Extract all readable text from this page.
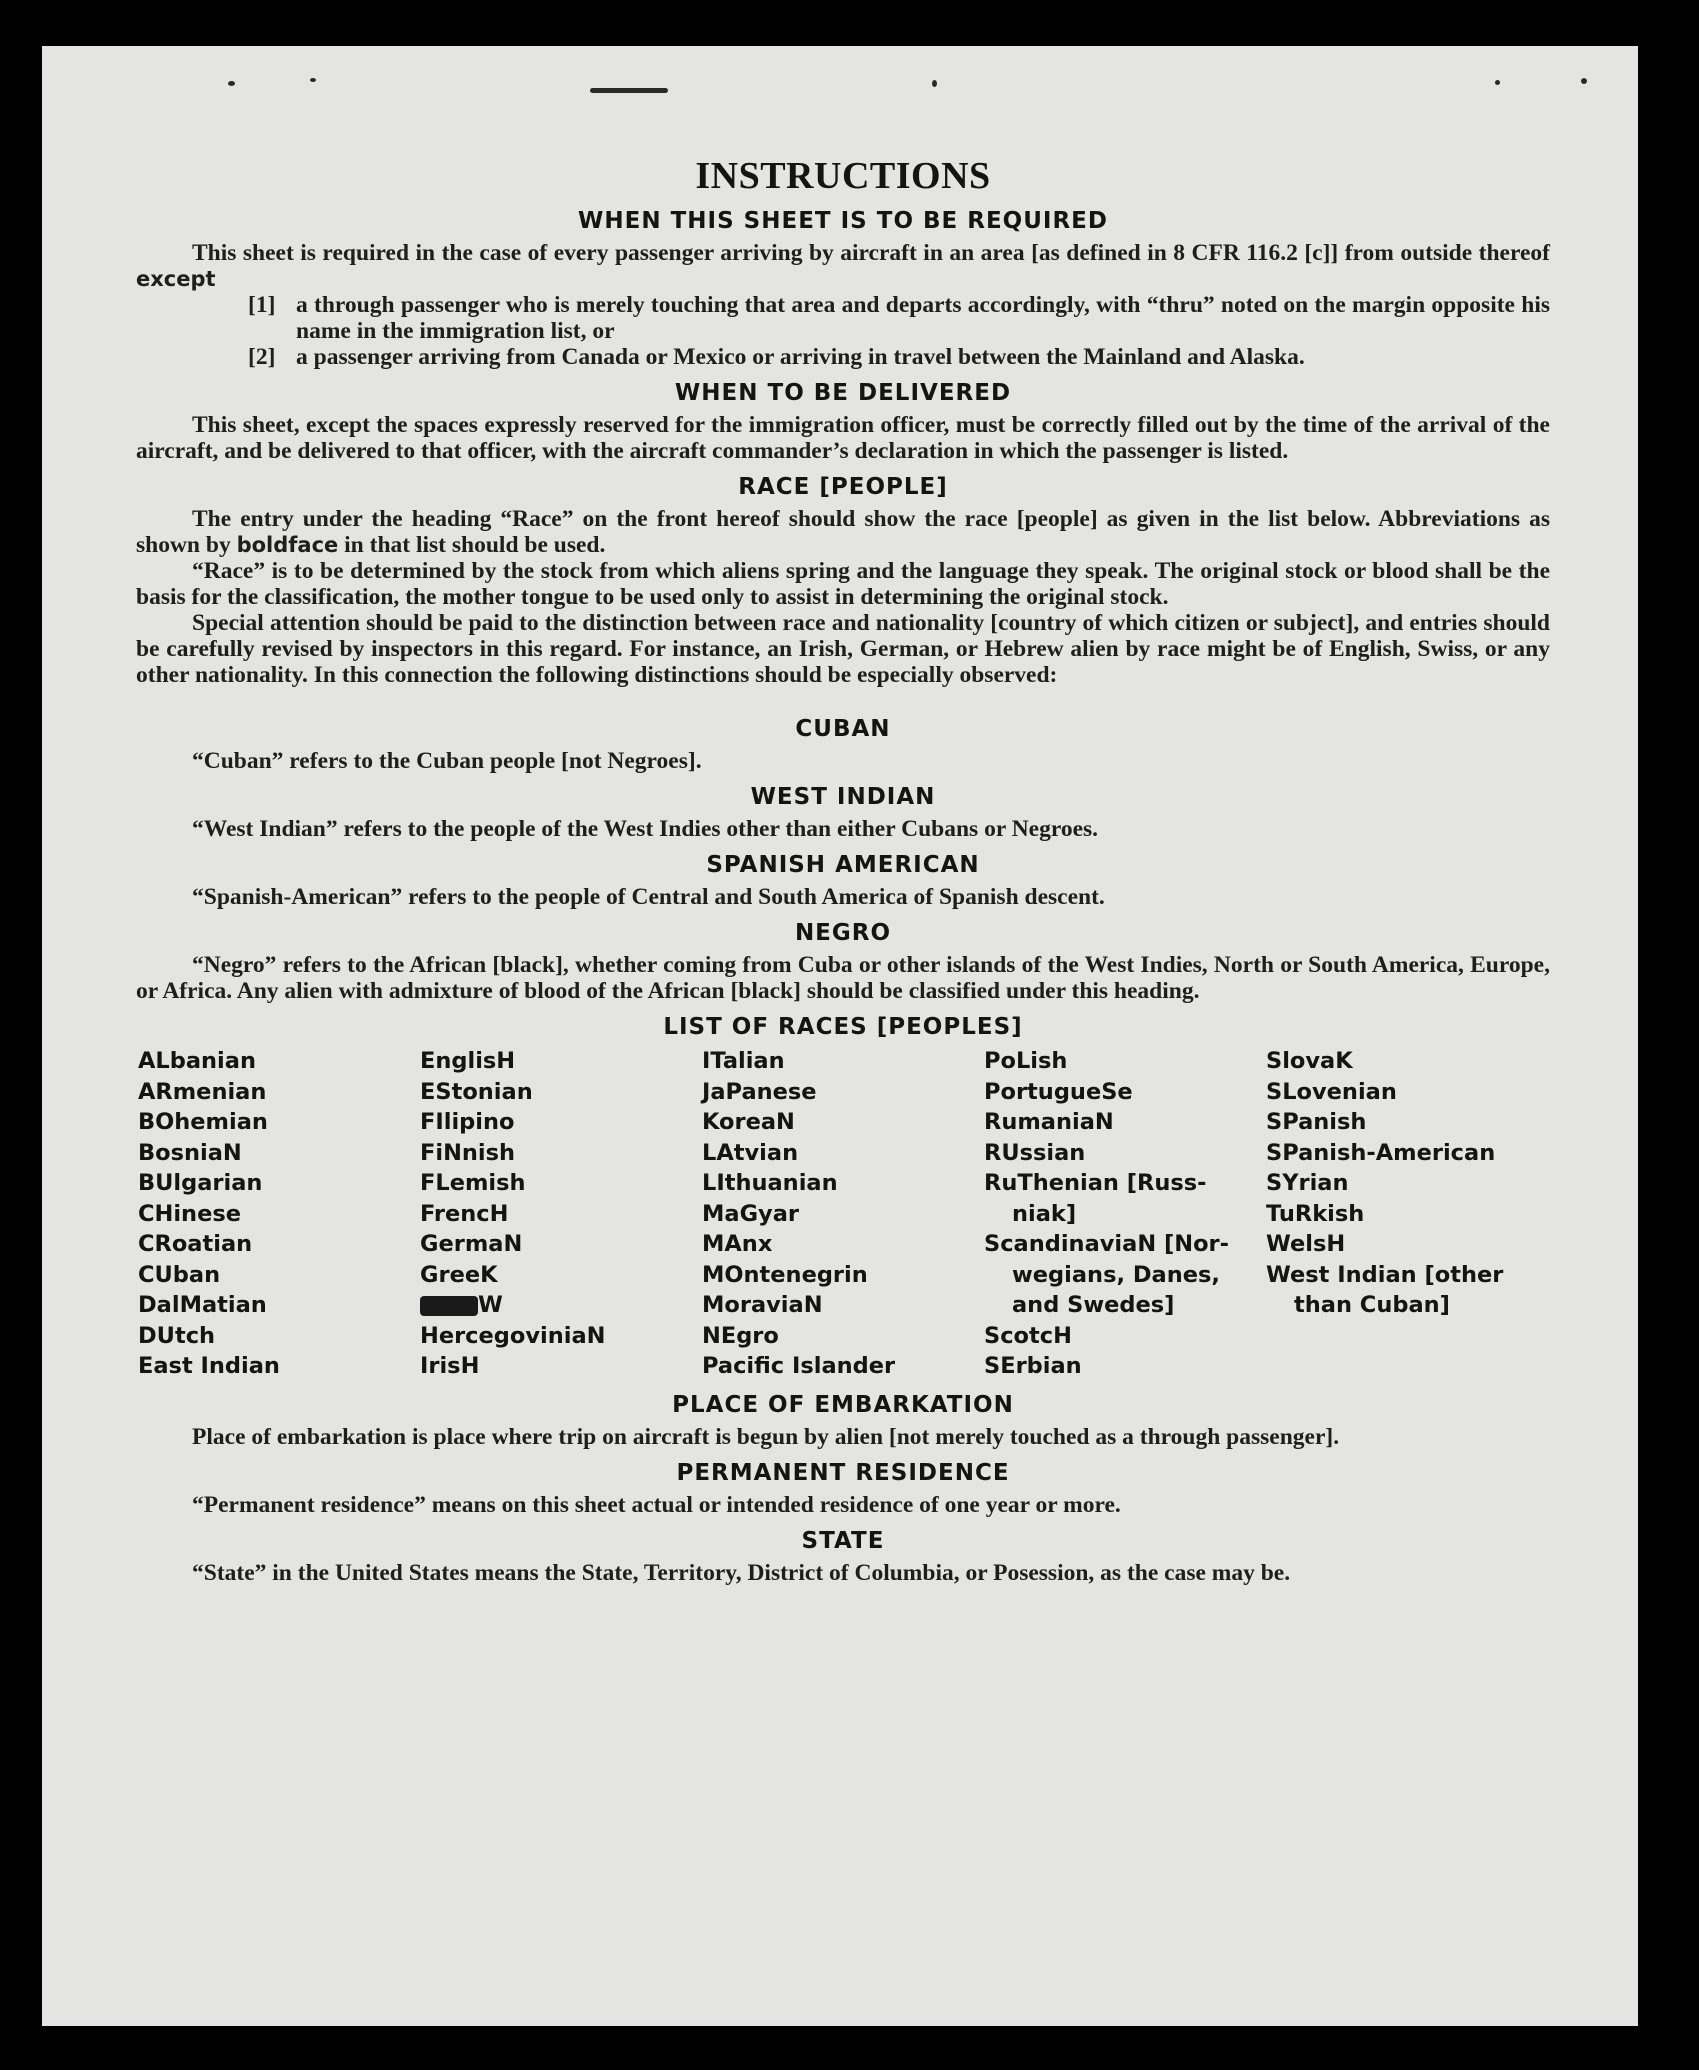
INSTRUCTIONS
WHEN THIS SHEET IS TO BE REQUIRED

This sheet is required in the case of every passenger arriving by aircraft in an area [as defined in 8 CFR 116.2 [c]] from outside thereof except

[1] a through passenger who is merely touching that area and departs accordingly, with “thru” noted on the margin opposite his name in the immigration list, or
[2] a passenger arriving from Canada or Mexico or arriving in travel between the Mainland and Alaska.
WHEN TO BE DELIVERED

This sheet, except the spaces expressly reserved for the immigration officer, must be correctly filled out by the time of the arrival of the aircraft, and be delivered to that officer, with the aircraft commander’s declaration in which the passenger is listed.

RACE [PEOPLE]

The entry under the heading “Race” on the front hereof should show the race [people] as given in the list below. Abbreviations as shown by boldface in that list should be used.

“Race” is to be determined by the stock from which aliens spring and the language they speak. The original stock or blood shall be the basis for the classification, the mother tongue to be used only to assist in determining the original stock.

Special attention should be paid to the distinction between race and nationality [country of which citizen or subject], and entries should be carefully revised by inspectors in this regard. For instance, an Irish, German, or Hebrew alien by race might be of English, Swiss, or any other nationality. In this connection the following distinctions should be especially observed:

CUBAN

“Cuban” refers to the Cuban people [not Negroes].

WEST INDIAN

“West Indian” refers to the people of the West Indies other than either Cubans or Negroes.

SPANISH AMERICAN

“Spanish-American” refers to the people of Central and South America of Spanish descent.

NEGRO

“Negro” refers to the African [black], whether coming from Cuba or other islands of the West Indies, North or South America, Europe, or Africa. Any alien with admixture of blood of the African [black] should be classified under this heading.

LIST OF RACES [PEOPLES]
ALbanian
ARmenian
BOhemian
BosniaN
BUlgarian
CHinese
CRoatian
CUban
DalMatian
DUtch
East Indian
EnglisH
EStonian
FIlipino
FiNnish
FLemish
FrencH
GermaN
GreeK
W
HercegoviniaN
IrisH
ITalian
JaPanese
KoreaN
LAtvian
LIthuanian
MaGyar
MAnx
MOntenegrin
MoraviaN
NEgro
Pacific Islander
PoLish
PortugueSe
RumaniaN
RUssian
RuThenian [Russ-
niak]
ScandinaviaN [Nor-
wegians, Danes,
and Swedes]
ScotcH
SErbian
SlovaK
SLovenian
SPanish
SPanish-American
SYrian
TuRkish
WelsH
West Indian [other
than Cuban]
PLACE OF EMBARKATION

Place of embarkation is place where trip on aircraft is begun by alien [not merely touched as a through passenger].

PERMANENT RESIDENCE

“Permanent residence” means on this sheet actual or intended residence of one year or more.

STATE

“State” in the United States means the State, Territory, District of Columbia, or Posession, as the case may be.
